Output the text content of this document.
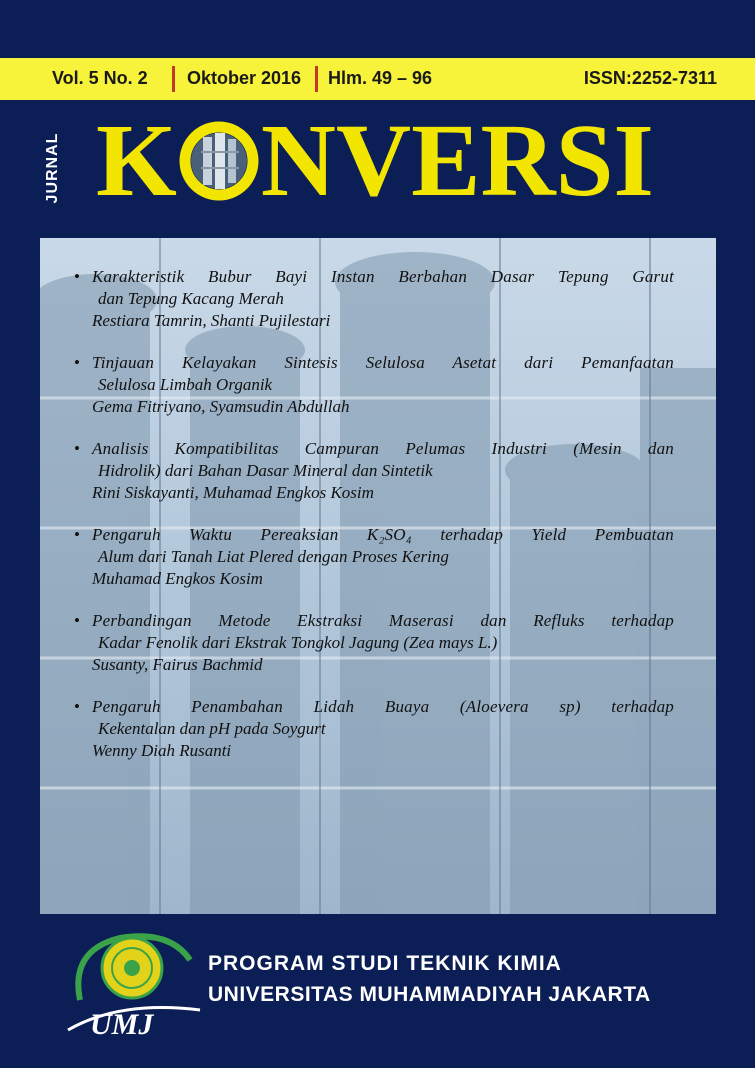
Vol. 5 No. 2 Oktober 2016 Hlm. 49 – 96	ISSN:2252-7311
JURNAL K NVERSI
• Karakteristik Bubur Bayi Instan Berbahan Dasar Tepung Garut
dan Tepung Kacang Merah
Restiara Tamrin, Shanti Pujilestari
• Tinjauan Kelayakan Sintesis Selulosa Asetat dari Pemanfaatan
Selulosa Limbah Organik
Gema Fitriyano, Syamsudin Abdullah
• Analisis Kompatibilitas Campuran Pelumas Industri (Mesin dan
Hidrolik) dari Bahan Dasar Mineral dan Sintetik
Rini Siskayanti, Muhamad Engkos Kosim
• Pengaruh Waktu Pereaksian K₂SO₄ terhadap Yield Pembuatan
Alum dari Tanah Liat Plered dengan Proses Kering
Muhamad Engkos Kosim
• Perbandingan Metode Ekstraksi Maserasi dan Refluks terhadap
Kadar Fenolik dari Ekstrak Tongkol Jagung (Zea mays L.)
Susanty, Fairus Bachmid
• Pengaruh Penambahan Lidah Buaya (Aloevera sp) terhadap
Kekentalan dan pH pada Soygurt
Wenny Diah Rusanti
UMJ
PROGRAM STUDI TEKNIK KIMIA
UNIVERSITAS MUHAMMADIYAH JAKARTA
